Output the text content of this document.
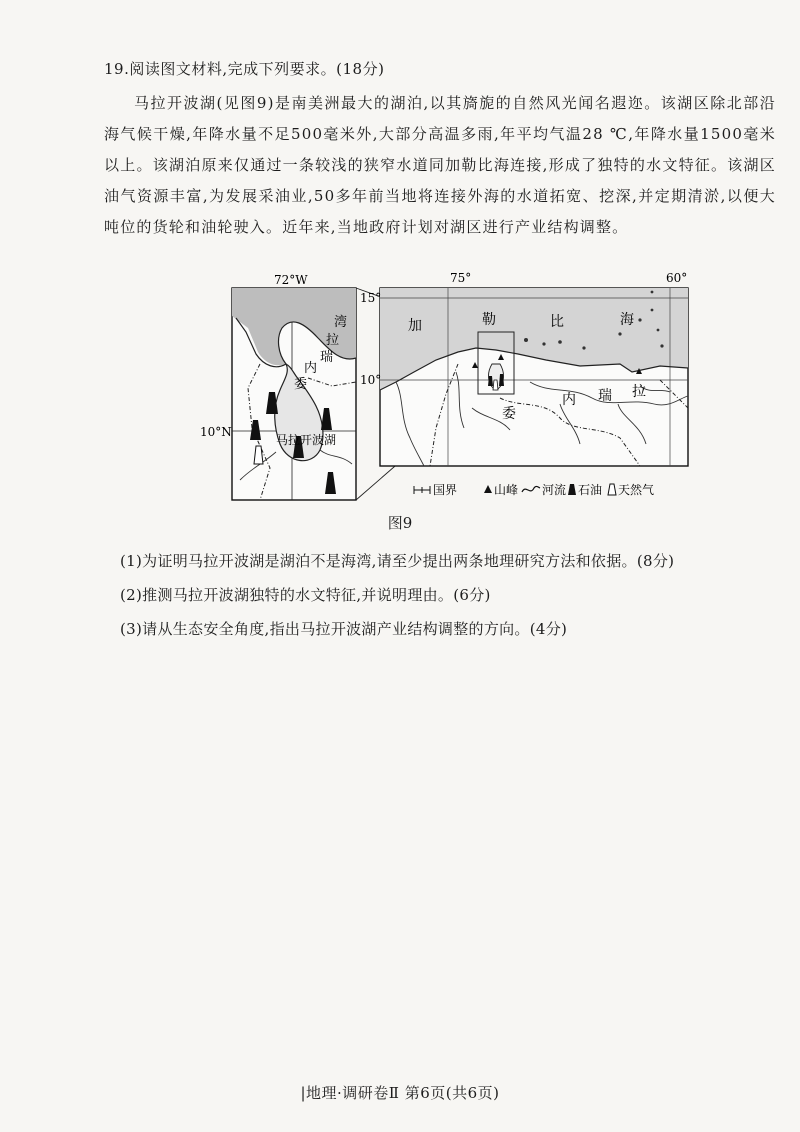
19.阅读图文材料,完成下列要求。(18分)

马拉开波湖(见图9)是南美洲最大的湖泊,以其旖旎的自然风光闻名遐迩。该湖区除北部沿海气候干燥,年降水量不足500毫米外,大部分高温多雨,年平均气温28 ℃,年降水量1500毫米以上。该湖泊原来仅通过一条较浅的狭窄水道同加勒比海连接,形成了独特的水文特征。该湖区油气资源丰富,为发展采油业,50多年前当地将连接外海的水道拓宽、挖深,并定期清淤,以便大吨位的货轮和油轮驶入。近年来,当地政府计划对湖区进行产业结构调整。

10°N
72°W
湾
拉
瑞
内
委
马拉开波湖
75°	60°
15°
10°
加	勒	比	海
委
内 瑞 拉
国界	山峰 河流 石油 天然气
图9
(1)为证明马拉开波湖是湖泊不是海湾,请至少提出两条地理研究方法和依据。(8分)
(2)推测马拉开波湖独特的水文特征,并说明理由。(6分)
(3)请从生态安全角度,指出马拉开波湖产业结构调整的方向。(4分)
|地理·调研卷Ⅱ 第6页(共6页)
